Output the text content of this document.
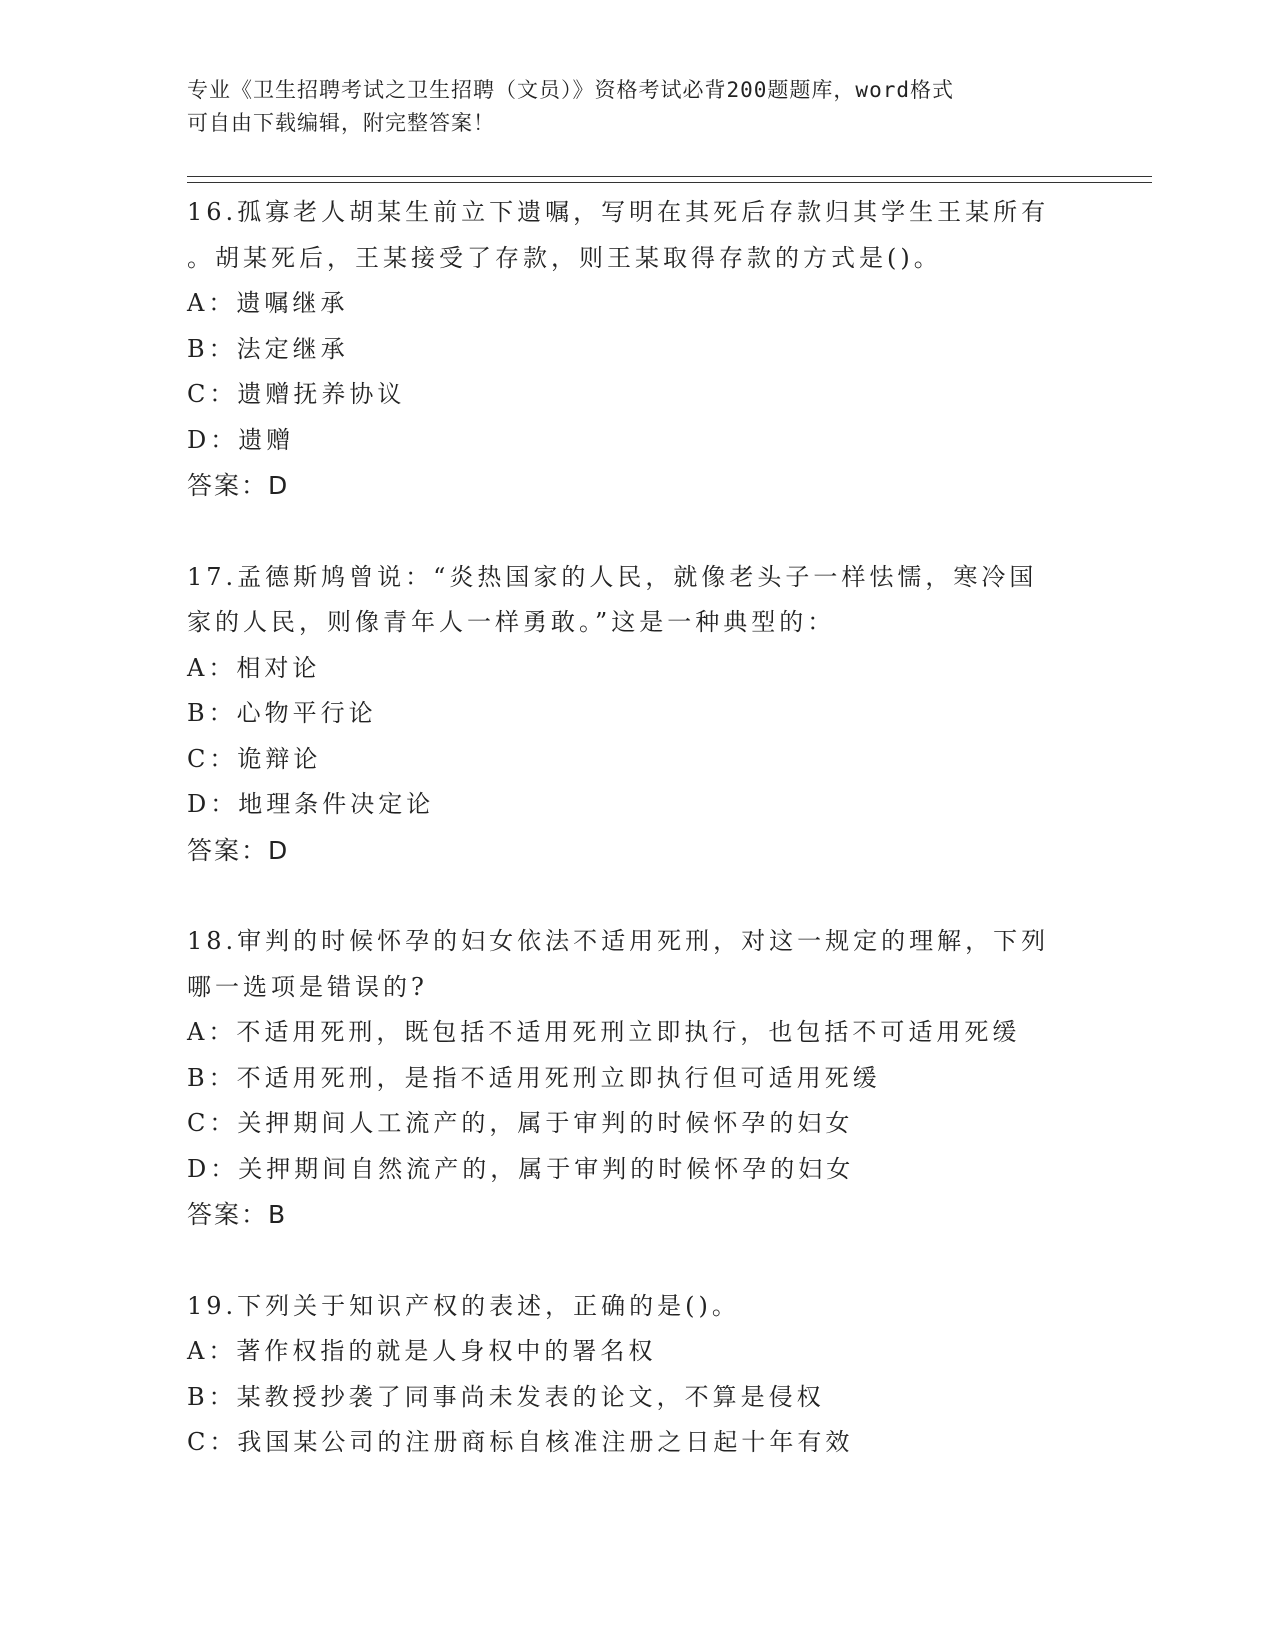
专业《卫生招聘考试之卫生招聘（文员）》资格考试必背200题题库，word格式
可自由下载编辑，附完整答案！
16.孤寡老人胡某生前立下遗嘱，写明在其死后存款归其学生王某所有
。胡某死后，王某接受了存款，则王某取得存款的方式是()。
A：遗嘱继承
B：法定继承
C：遗赠抚养协议
D：遗赠
答案：D
17.孟德斯鸠曾说：“炎热国家的人民，就像老头子一样怯懦，寒冷国
家的人民，则像青年人一样勇敢。”这是一种典型的：
A：相对论
B：心物平行论
C：诡辩论
D：地理条件决定论
答案：D
18.审判的时候怀孕的妇女依法不适用死刑，对这一规定的理解，下列
哪一选项是错误的?
A：不适用死刑，既包括不适用死刑立即执行，也包括不可适用死缓
B：不适用死刑，是指不适用死刑立即执行但可适用死缓
C：关押期间人工流产的，属于审判的时候怀孕的妇女
D：关押期间自然流产的，属于审判的时候怀孕的妇女
答案：B
19.下列关于知识产权的表述，正确的是()。
A：著作权指的就是人身权中的署名权
B：某教授抄袭了同事尚未发表的论文，不算是侵权
C：我国某公司的注册商标自核准注册之日起十年有效
